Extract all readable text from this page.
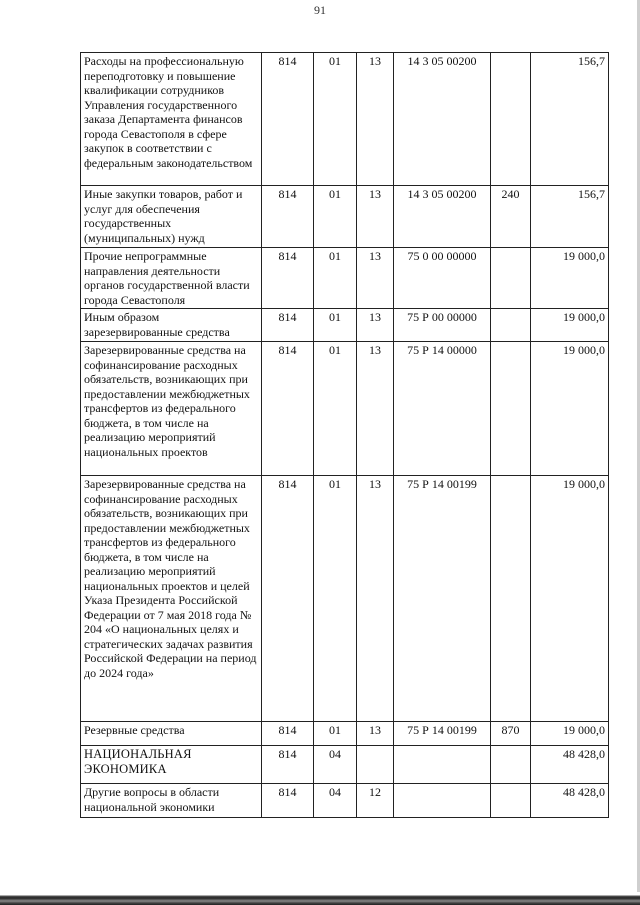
91
Расходы на профессиональную переподготовку и повышение квалификации сотрудников Управления государственного заказа Департамента финансов города Севастополя в сфере закупок в соответствии с федеральным законодательством	814	01	13	14 3 05 00200		156,7
Иные закупки товаров, работ и услуг для обеспечения государственных (муниципальных) нужд	814	01	13	14 3 05 00200	240	156,7
Прочие непрограммные направления деятельности органов государственной власти города Севастополя	814	01	13	75 0 00 00000		19 000,0
Иным образом зарезервированные средства	814	01	13	75 Р 00 00000		19 000,0
Зарезервированные средства на софинансирование расходных обязательств, возникающих при предоставлении межбюджетных трансфертов из федерального бюджета, в том числе на реализацию мероприятий национальных проектов	814	01	13	75 Р 14 00000		19 000,0
Зарезервированные средства на софинансирование расходных обязательств, возникающих при предоставлении межбюджетных трансфертов из федерального бюджета, в том числе на реализацию мероприятий национальных проектов и целей Указа Президента Российской Федерации от 7 мая 2018 года № 204 «О национальных целях и стратегических задачах развития Российской Федерации на период до 2024 года»	814	01	13	75 Р 14 00199		19 000,0
Резервные средства	814	01	13	75 Р 14 00199	870	19 000,0
НАЦИОНАЛЬНАЯ ЭКОНОМИКА	814	04				48 428,0
Другие вопросы в области национальной экономики	814	04	12			48 428,0
